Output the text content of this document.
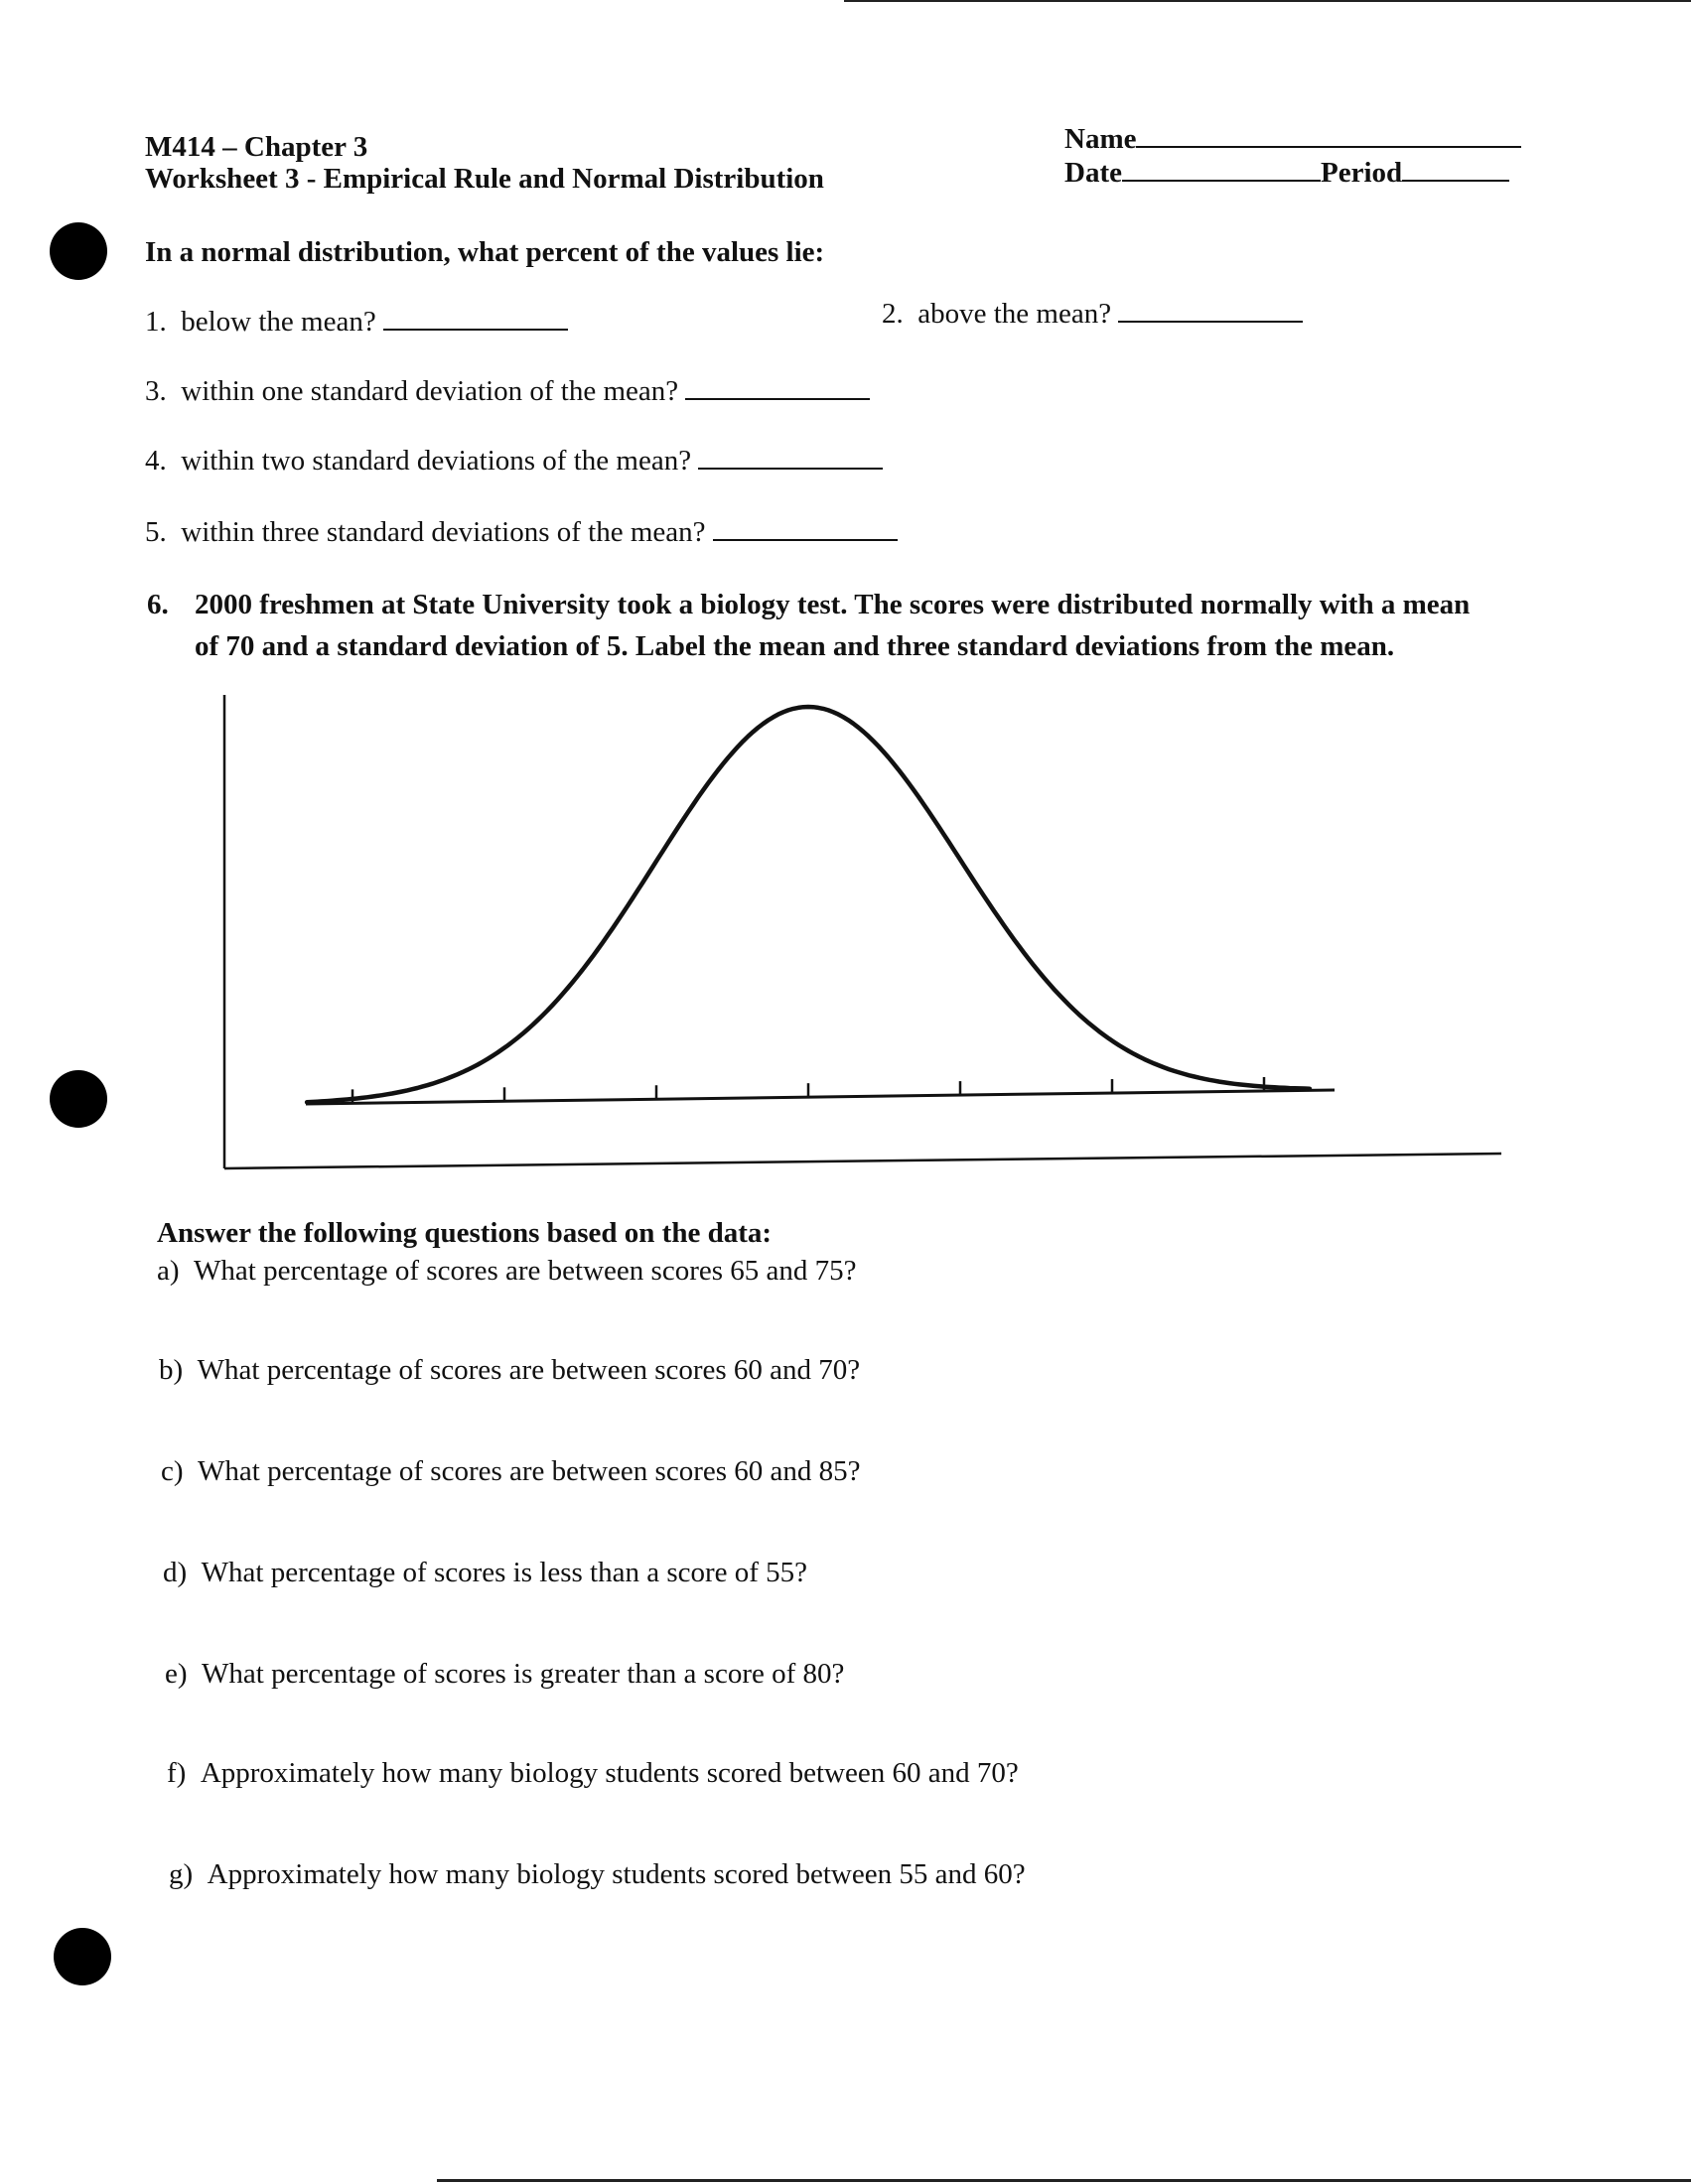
M414 – Chapter 3
Worksheet 3 - Empirical Rule and Normal Distribution
Name
Date	Period
In a normal distribution, what percent of the values lie:
1. below the mean?	2. above the mean?
3. within one standard deviation of the mean?
4. within two standard deviations of the mean?
5. within three standard deviations of the mean?
6. 2000 freshmen at State University took a biology test. The scores were distributed normally with a mean of 70 and a standard deviation of 5. Label the mean and three standard deviations from the mean.
Answer the following questions based on the data:
a) What percentage of scores are between scores 65 and 75?
b) What percentage of scores are between scores 60 and 70?
c) What percentage of scores are between scores 60 and 85?
d) What percentage of scores is less than a score of 55?
e) What percentage of scores is greater than a score of 80?
f) Approximately how many biology students scored between 60 and 70?
g) Approximately how many biology students scored between 55 and 60?
